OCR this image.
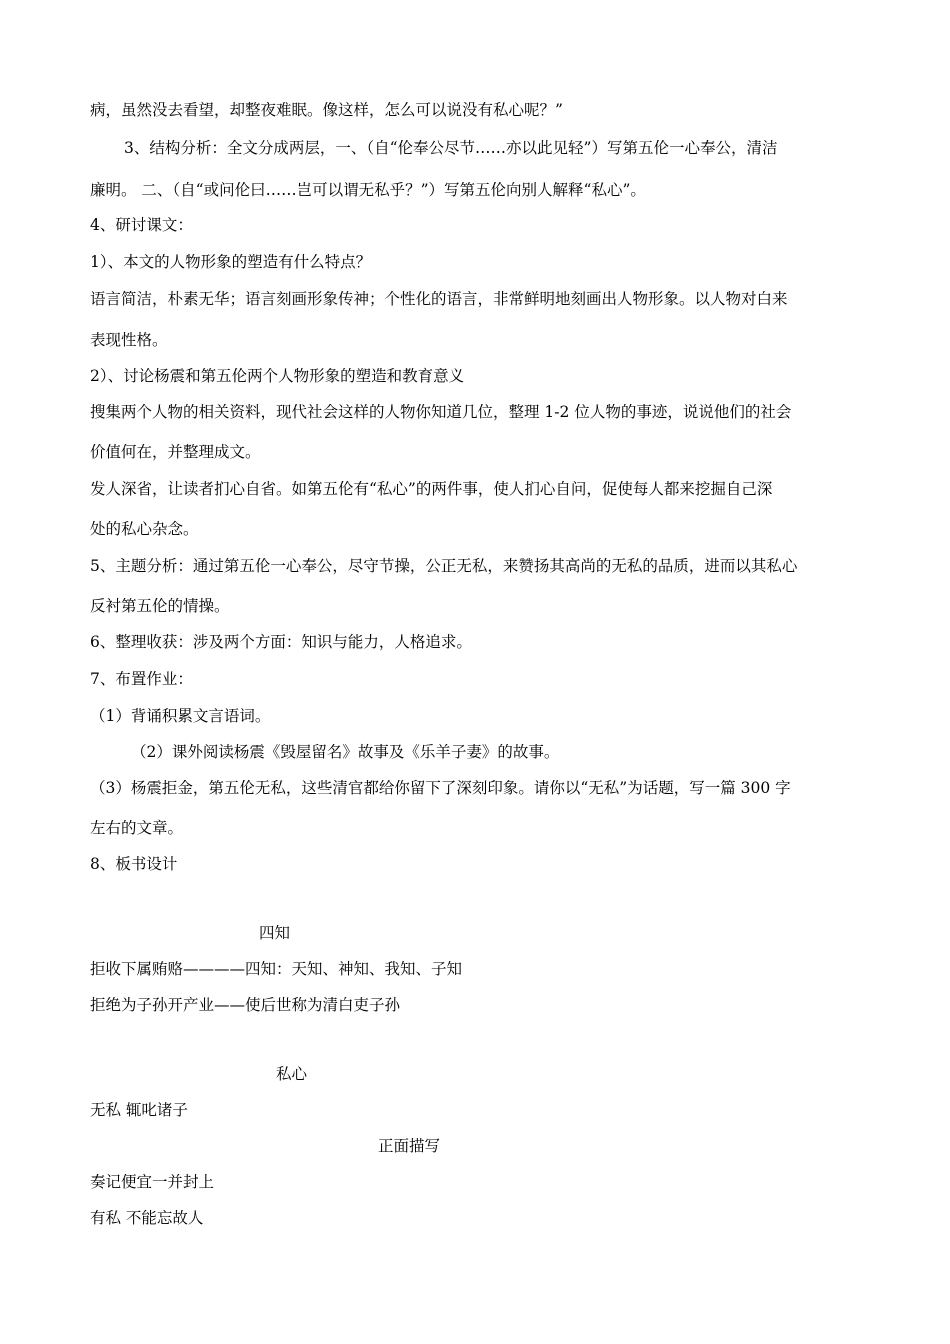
病，虽然没去看望，却整夜难眠。像这样，怎么可以说没有私心呢？”
3、结构分析：全文分成两层，一、（自“伦奉公尽节……亦以此见轻”）写第五伦一心奉公，清洁
廉明。 二、（自“或问伦曰……岂可以谓无私乎？”）写第五伦向别人解释“私心”。
4、研讨课文：
1）、本文的人物形象的塑造有什么特点？
语言简洁，朴素无华；语言刻画形象传神；个性化的语言，非常鲜明地刻画出人物形象。以人物对白来
表现性格。
2）、讨论杨震和第五伦两个人物形象的塑造和教育意义
搜集两个人物的相关资料，现代社会这样的人物你知道几位，整理 1-2 位人物的事迹，说说他们的社会
价值何在，并整理成文。
发人深省，让读者扪心自省。如第五伦有“私心”的两件事，使人扪心自问，促使每人都来挖掘自己深
处的私心杂念。
5、主题分析：通过第五伦一心奉公，尽守节操，公正无私，来赞扬其高尚的无私的品质，进而以其私心
反衬第五伦的情操。
6、整理收获：涉及两个方面：知识与能力，人格追求。
7、布置作业：
（1）背诵积累文言语词。
（2）课外阅读杨震《毁屋留名》故事及《乐羊子妻》的故事。
（3）杨震拒金，第五伦无私，这些清官都给你留下了深刻印象。请你以“无私”为话题，写一篇 300 字
左右的文章。
8、板书设计
四知
拒收下属贿赂————四知：天知、神知、我知、子知
拒绝为子孙开产业——使后世称为清白吏子孙
私心
无私 辄叱诸子
正面描写
奏记便宜一并封上
有私 不能忘故人
